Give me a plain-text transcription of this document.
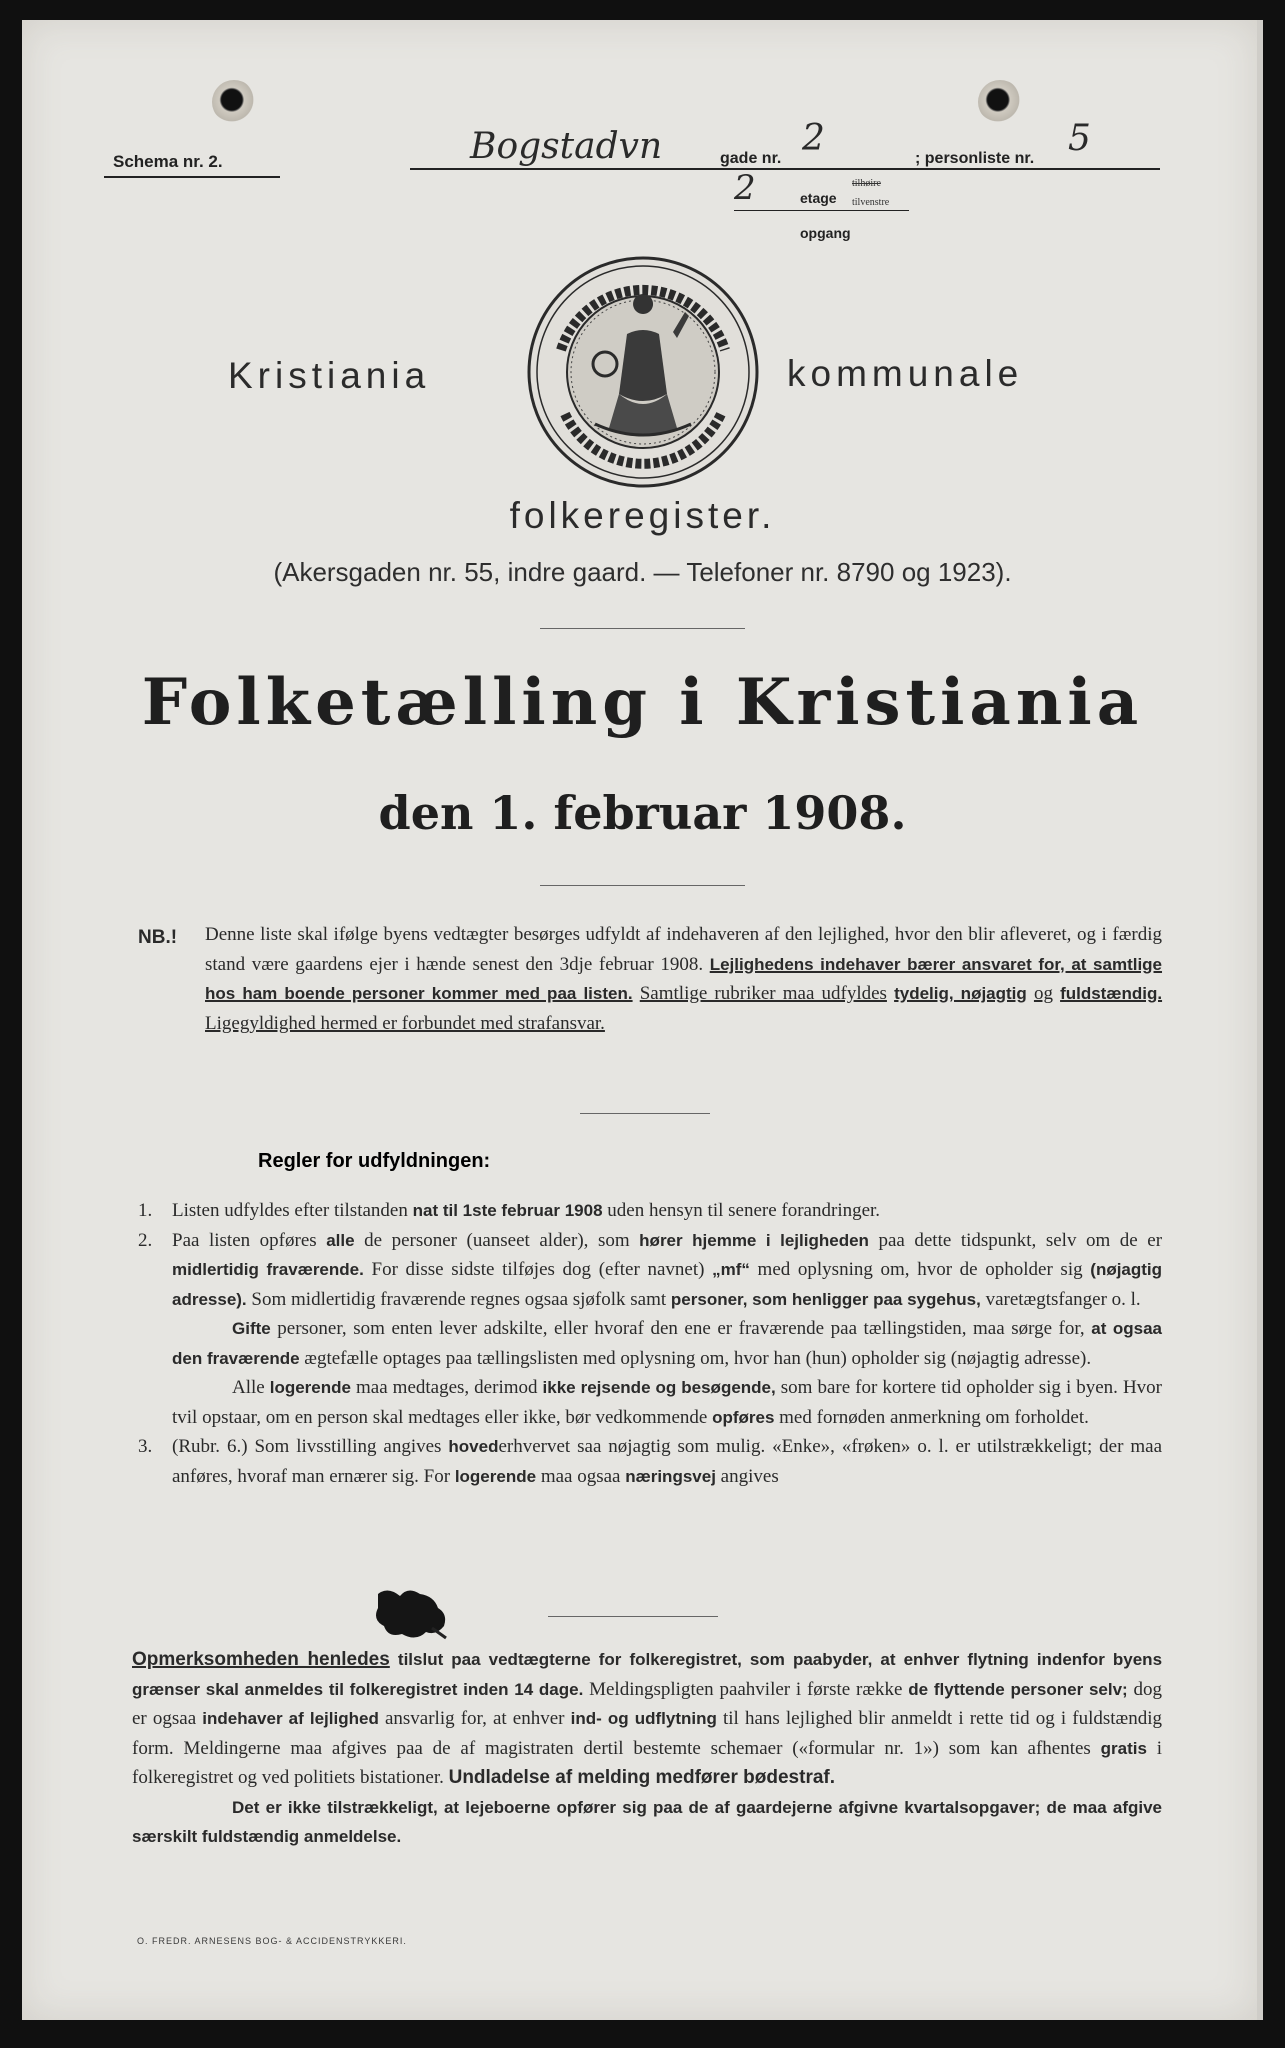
Schema nr. 2.	Bogstadvn	gade nr. 2	; personliste nr. 5
2	etage
tilhøire
tilvenstre
opgang
Kristiania	kommunale
folkeregister.
(Akersgaden nr. 55, indre gaard. — Telefoner nr. 8790 og 1923).
Folketælling i Kristiania
den 1. februar 1908.
NB.! Denne liste skal ifølge byens vedtægter besørges udfyldt af indehaveren af den lejlighed, hvor den blir afleveret, og i færdig stand være gaardens ejer i hænde senest den 3dje februar 1908. Lejlighedens indehaver bærer ansvaret for, at samtlige hos ham boende personer kommer med paa listen. Samtlige rubriker maa udfyldes tydelig, nøjagtig og fuldstændig. Ligegyldighed hermed er forbundet med strafansvar.
Regler for udfyldningen:
1.	Listen udfyldes efter tilstanden nat til 1ste februar 1908 uden hensyn til senere forandringer.
2.	Paa listen opføres alle de personer (uanseet alder), som hører hjemme i lejligheden paa dette tidspunkt, selv om de er midlertidig fraværende. For disse sidste tilføjes dog (efter navnet) „mf“ med oplysning om, hvor de opholder sig (nøjagtig adresse). Som midlertidig fraværende regnes ogsaa sjøfolk samt personer, som henligger paa sygehus, varetægtsfanger o. l.
Gifte personer, som enten lever adskilte, eller hvoraf den ene er fraværende paa tællingstiden, maa sørge for, at ogsaa den fraværende ægtefælle optages paa tællingslisten med oplysning om, hvor han (hun) opholder sig (nøjagtig adresse).
Alle logerende maa medtages, derimod ikke rejsende og besøgende, som bare for kortere tid opholder sig i byen. Hvor tvil opstaar, om en person skal medtages eller ikke, bør vedkommende opføres med fornøden anmerkning om forholdet.
3.	(Rubr. 6.) Som livsstilling angives hovederhvervet saa nøjagtig som mulig. «Enke», «frøken» o. l. er utilstrækkeligt; der maa anføres, hvoraf man ernærer sig. For logerende maa ogsaa næringsvej angives
Opmerksomheden henledes tilslut paa vedtægterne for folkeregistret, som paabyder, at enhver flytning indenfor byens grænser skal anmeldes til folkeregistret inden 14 dage. Meldingspligten paahviler i første række de flyttende personer selv; dog er ogsaa indehaver af lejlighed ansvarlig for, at enhver ind- og udflytning til hans lejlighed blir anmeldt i rette tid og i fuldstændig form. Meldingerne maa afgives paa de af magistraten dertil bestemte schemaer («formular nr. 1») som kan afhentes gratis i folkeregistret og ved politiets bistationer. Undladelse af melding medfører bødestraf.
Det er ikke tilstrækkeligt, at lejeboerne opfører sig paa de af gaardejerne afgivne kvartalsopgaver; de maa afgive særskilt fuldstændig anmeldelse.
O. FREDR. ARNESENS BOG- & ACCIDENSTRYKKERI.
